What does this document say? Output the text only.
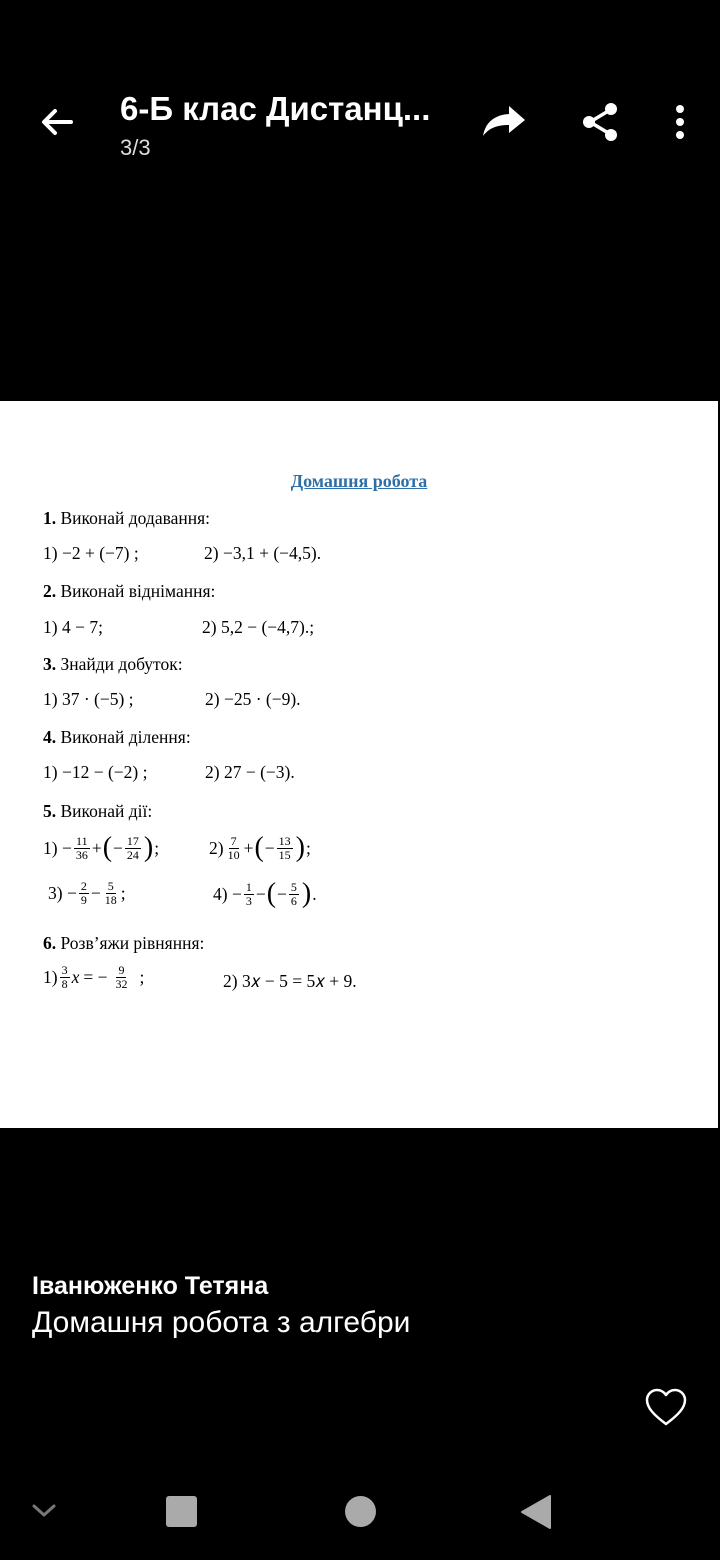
6-Б клас Дистанц...
3/3
Домашня робота
1. Виконай додавання:
1) −2 + (−7) ;	2) −3,1 + (−4,5).
2. Виконай віднімання:
1) 4 − 7;	2) 5,2 − (−4,7).;
3. Знайди добуток:
1) 37 · (−5) ;	2) −25 · (−9).
4. Виконай ділення:
1) −12 − (−2) ;	2) 27 − (−3).
5. Виконай дії:
$1) - \frac{11}{36}$ + ( − $\frac{17}{24}$ ) ;	$2) \frac{7}{10}$ + ( − $\frac{13}{15}$ ) ;
$3) - \frac{2}{9} - \frac{5}{18}$ ;	$4) - \frac{1}{3}$ − ( − $\frac{5}{6}$ ) .
6. Розв’яжи рівняння:
$1) \frac{3}{8}$ x = − $\frac{9}{32}$ ;	2) 3𝑥 − 5 = 5𝑥 + 9.
Іванюженко Тетяна
Домашня робота з алгебри
